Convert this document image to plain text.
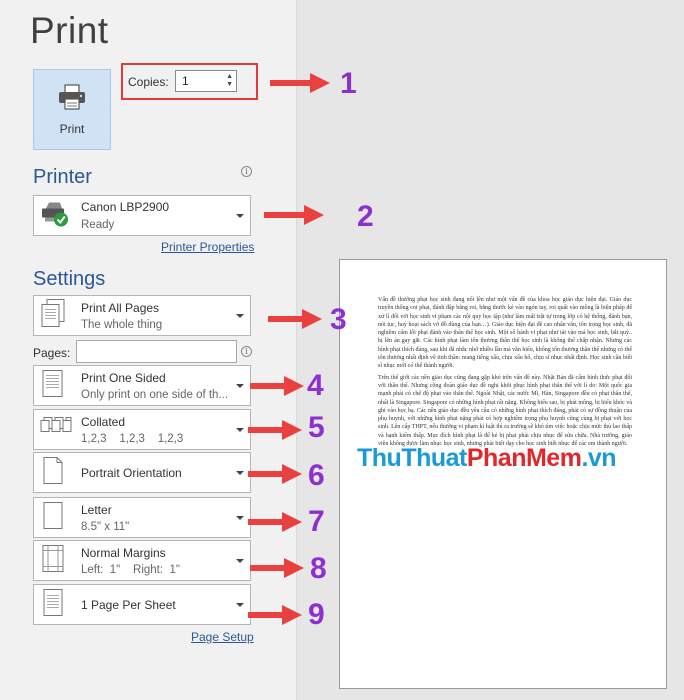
Print
Print
Copies: 1	▲
▼
Printer	i
Canon LBP2900
Ready
Printer Properties
Settings
Print All Pages
The whole thing
Pages:	i
Print One Sided
Only print on one side of th...
Collated
1,2,3    1,2,3    1,2,3
Portrait Orientation
Letter
8.5" x 11"
Normal Margins
Left:  1"    Right:  1"
1 Page Per Sheet
Page Setup

Vấn đề thường phạt học sinh đang nổi lên như một vấn đề của khoa học giáo dục hiện đại. Giáo dục truyền thống coi phạt, đánh đập bằng roi, bằng thước kẻ vào ngón tay, roi quất vào mông là biện pháp để xử lí đối với học sinh vi phạm các nội quy học tập (như làm mất trật tự trong lớp có hệ thống, đánh bạn, nói tục, huỷ hoại sách vở đồ dùng của bạn…). Giáo dục hiện đại đề cao nhân văn, tôn trọng học sinh, đã nghiêm cấm lối phạt đánh vào thân thể học sinh. Một số hành vi phạt như tát vào má học sinh, bắt quỳ.. bị lên án gay gắt. Các hình phạt làm tổn thương thân thể học sinh là không thể chấp nhận. Nhưng các hình phạt thích đáng, sau khi đã nhắc nhở nhiều lần mà vẫn hiểu, không tổn thương thân thể nhưng có thể tổn thương nhất định về tinh thần: mang tiếng xấu, chịu xấu hổ, chịu sĩ nhục nhất định. Học sinh cần biết sĩ nhục mới có thể thành người.

Trên thế giới các nền giáo dục cũng đang gặp khó trên vấn đề này. Nhật Bản đã cấm hình thức phạt đối với thân thể. Nhưng cộng đoàn giáo dục đề nghị khôi phục hình phạt thân thể với lí do: Một quốc gia mạnh phải có chế độ phạt vào thân thể. Ngoài Nhật, các nước Mĩ, Hàn, Singapore đều có phạt thân thể, nhất là Singapore. Singapore có những hình phạt rất nặng. Không hiểu sao, bị phát mông, bị hiểu khóc và ghi vào học bạ. Các nền giáo dục đều yêu cầu có những hình phạt thích đáng, phải có sự đồng thuận của phụ huynh, với những hình phạt nặng phải có hợp nghiêm trọng phụ huynh cũng cùng bị phạt với học sinh. Lên cấp THPT, nếu thường vi phạm kỉ luật thì ra trường sẽ khó tìm việc hoặc chịu mức thù lao thấp và hạnh kiểm thấp. Mục đích hình phạt là để kẻ bị phạt phải chịu nhục để sửa chữa. Nhà trường, giáo viên không được làm nhục học sinh, nhưng phải biết dạy cho học sinh biết nhục để các em thành người.

ThuThuatPhanMem.vn
1
2
3
4
5
6
7
8
9
